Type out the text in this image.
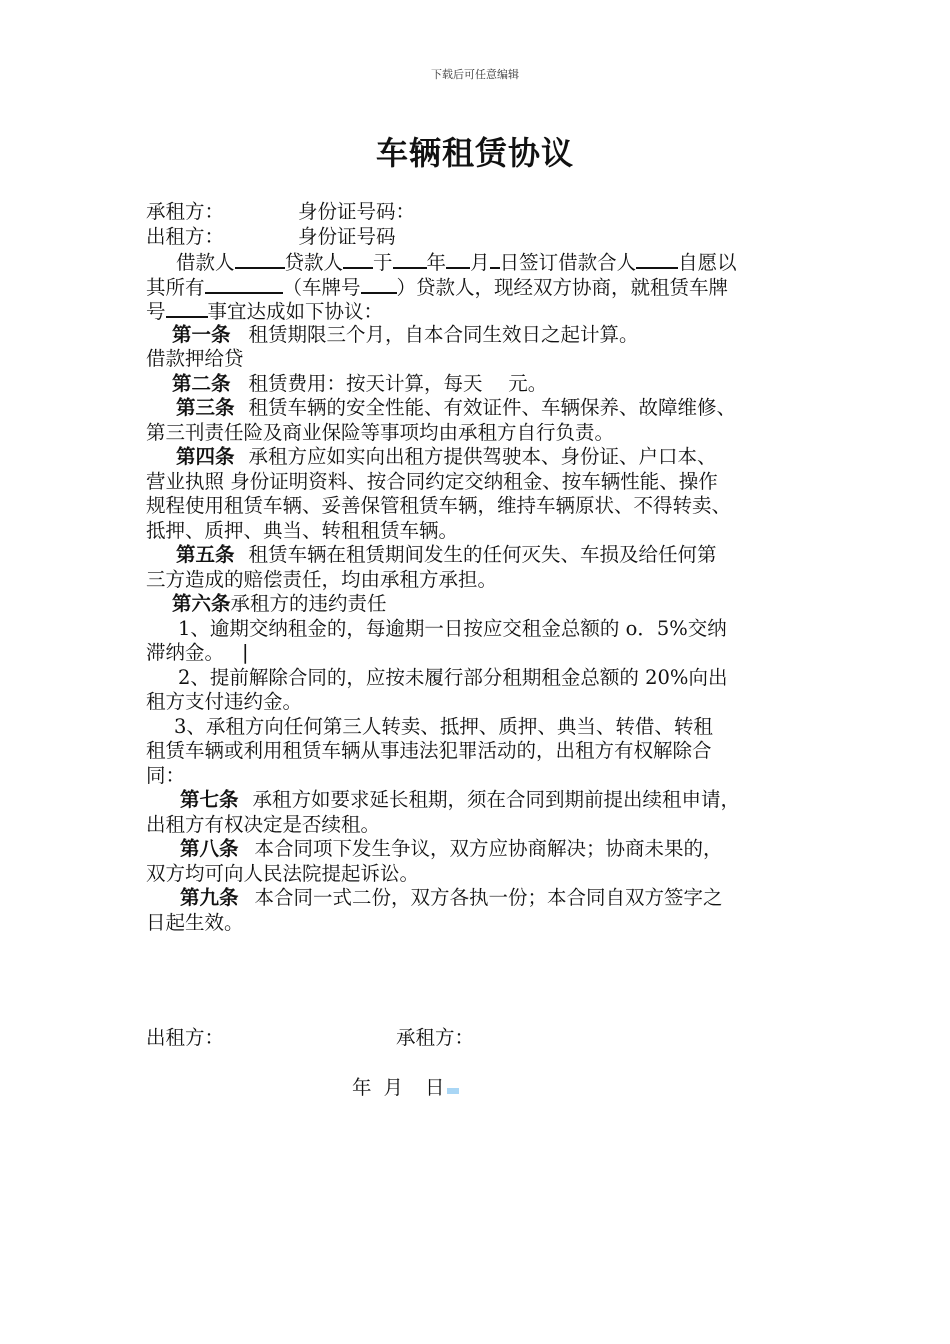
下载后可任意编辑
车辆租赁协议
承租方：	身份证号码：
出租方：	身份证号码
借款人	贷款人 于 年 月 日签订借款合人 自愿以
其所有	（车牌号 ）贷款人，现经双方协商，就租赁车牌
号 事宜达成如下协议：
第一条 租赁期限三个月，自本合同生效日之起计算。
借款押给贷
第二条 租赁费用：按天计算，每天　 元。
第三条 租赁车辆的安全性能、有效证件、车辆保养、故障维修、
第三刊责任险及商业保险等事项均由承租方自行负责。
第四条 承租方应如实向出租方提供驾驶本、身份证、户口本、
营业执照 身份证明资料、按合同约定交纳租金、按车辆性能、操作
规程使用租赁车辆、妥善保管租赁车辆，维持车辆原状、不得转卖、
抵押、质押、典当、转租租赁车辆。
第五条 租赁车辆在租赁期间发生的任何灭失、车损及给任何第
三方造成的赔偿责任，均由承租方承担。
第六条承租方的违约责任
1、逾期交纳租金的，每逾期一日按应交租金总额的 o．5%交纳
滞纳金。 |
2、提前解除合同的，应按未履行部分租期租金总额的 20%向出
租方支付违约金。
3、承租方向任何第三人转卖、抵押、质押、典当、转借、转租
租赁车辆或利用租赁车辆从事违法犯罪活动的，出租方有权解除合
同：
第七条 承租方如要求延长租期，须在合同到期前提出续租申请，
出租方有权决定是否续租。
第八条 本合同项下发生争议，双方应协商解决；协商未果的，
双方均可向人民法院提起诉讼。
第九条 本合同一式二份，双方各执一份；本合同自双方签字之
日起生效。
出租方：	承租方：
年 月 日
